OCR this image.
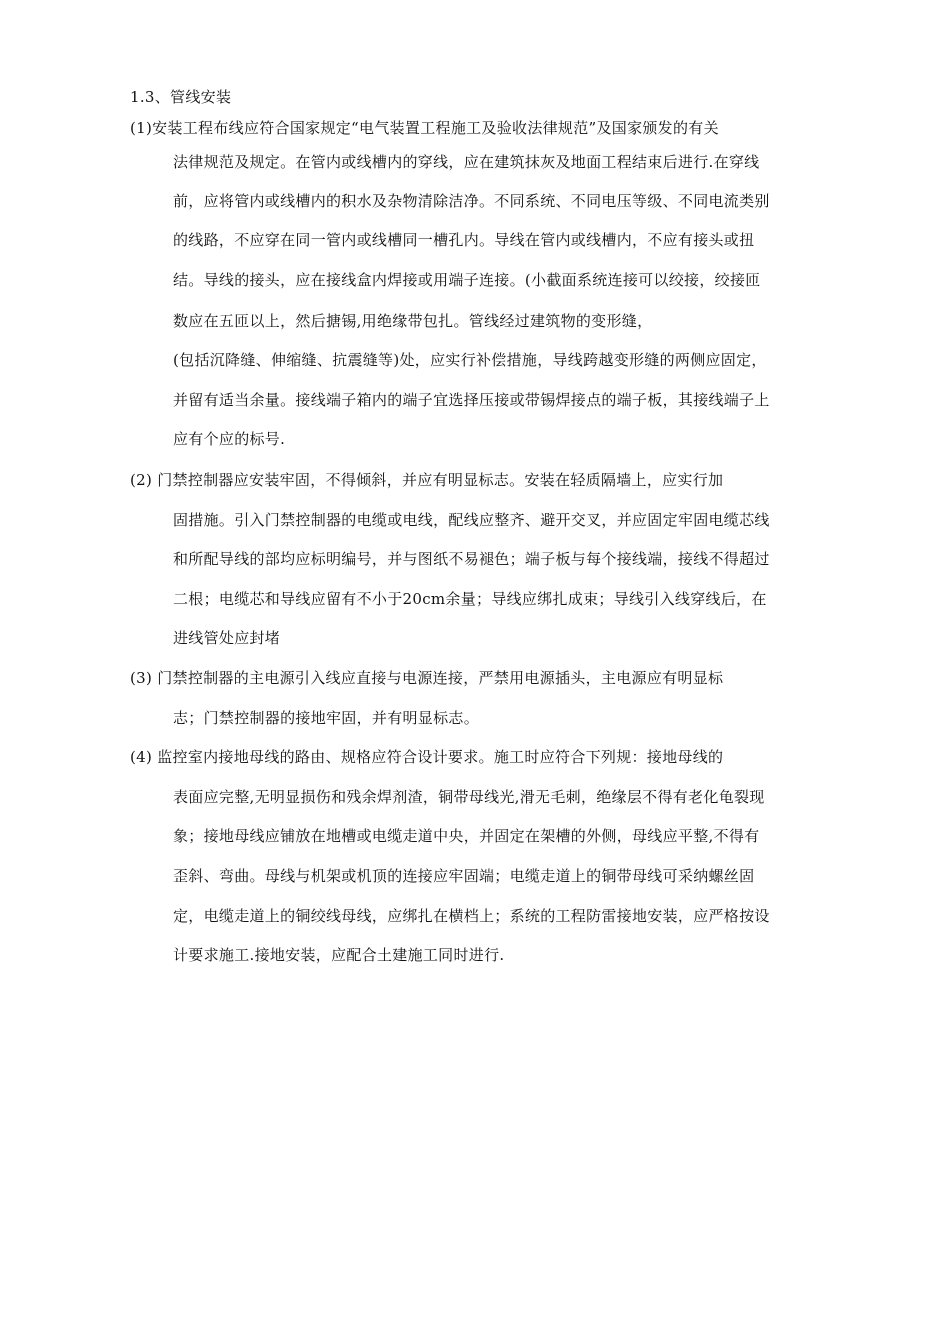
1.3、管线安装
(1)安装工程布线应符合国家规定“电气装置工程施工及验收法律规范”及国家颁发的有关
法律规范及规定。在管内或线槽内的穿线，应在建筑抹灰及地面工程结束后进行.在穿线
前，应将管内或线槽内的积水及杂物清除洁净。不同系统、不同电压等级、不同电流类别
的线路，不应穿在同一管内或线槽同一槽孔内。导线在管内或线槽内，不应有接头或扭
结。导线的接头，应在接线盒内焊接或用端子连接。(小截面系统连接可以绞接，绞接匝
数应在五匝以上，然后搪锡,用绝缘带包扎。管线经过建筑物的变形缝，
(包括沉降缝、伸缩缝、抗震缝等)处，应实行补偿措施，导线跨越变形缝的两侧应固定，
并留有适当余量。接线端子箱内的端子宜选择压接或带锡焊接点的端子板，其接线端子上
应有个应的标号.
(2) 门禁控制器应安装牢固，不得倾斜，并应有明显标志。安装在轻质隔墙上，应实行加
固措施。引入门禁控制器的电缆或电线，配线应整齐、避开交叉，并应固定牢固电缆芯线
和所配导线的部均应标明编号，并与图纸不易褪色；端子板与每个接线端，接线不得超过
二根；电缆芯和导线应留有不小于20cm余量；导线应绑扎成束；导线引入线穿线后，在
进线管处应封堵
(3) 门禁控制器的主电源引入线应直接与电源连接，严禁用电源插头，主电源应有明显标
志；门禁控制器的接地牢固，并有明显标志。
(4) 监控室内接地母线的路由、规格应符合设计要求。施工时应符合下列规：接地母线的
表面应完整,无明显损伤和残余焊剂渣，铜带母线光,滑无毛刺，绝缘层不得有老化龟裂现
象；接地母线应铺放在地槽或电缆走道中央，并固定在架槽的外侧，母线应平整,不得有
歪斜、弯曲。母线与机架或机顶的连接应牢固端；电缆走道上的铜带母线可采纳螺丝固
定，电缆走道上的铜绞线母线，应绑扎在横档上；系统的工程防雷接地安装，应严格按设
计要求施工.接地安装，应配合土建施工同时进行.
